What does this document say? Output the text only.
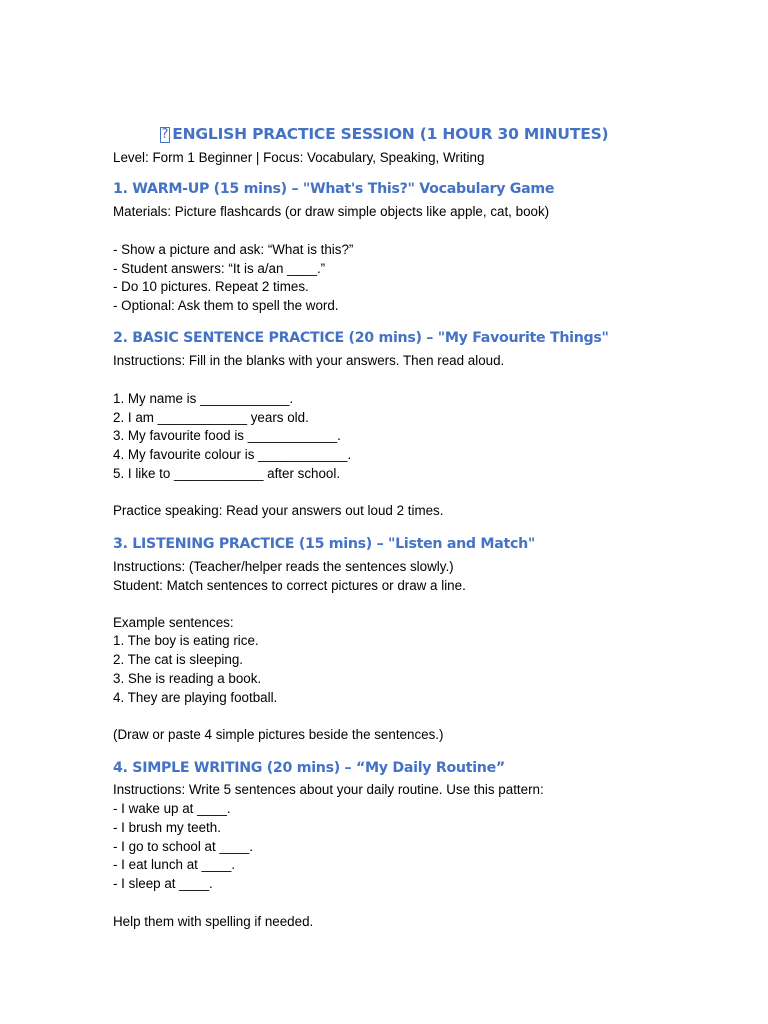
? ENGLISH PRACTICE SESSION (1 HOUR 30 MINUTES)
Level: Form 1 Beginner | Focus: Vocabulary, Speaking, Writing
1. WARM-UP (15 mins) – "What's This?" Vocabulary Game
Materials: Picture flashcards (or draw simple objects like apple, cat, book)
- Show a picture and ask: “What is this?”
- Student answers: “It is a/an ____.”
- Do 10 pictures. Repeat 2 times.
- Optional: Ask them to spell the word.
2. BASIC SENTENCE PRACTICE (20 mins) – "My Favourite Things"
Instructions: Fill in the blanks with your answers. Then read aloud.
1. My name is ____________.
2. I am ____________ years old.
3. My favourite food is ____________.
4. My favourite colour is ____________.
5. I like to ____________ after school.
Practice speaking: Read your answers out loud 2 times.
3. LISTENING PRACTICE (15 mins) – "Listen and Match"
Instructions: (Teacher/helper reads the sentences slowly.)
Student: Match sentences to correct pictures or draw a line.
Example sentences:
1. The boy is eating rice.
2. The cat is sleeping.
3. She is reading a book.
4. They are playing football.
(Draw or paste 4 simple pictures beside the sentences.)
4. SIMPLE WRITING (20 mins) – “My Daily Routine”
Instructions: Write 5 sentences about your daily routine. Use this pattern:
- I wake up at ____.
- I brush my teeth.
- I go to school at ____.
- I eat lunch at ____.
- I sleep at ____.
Help them with spelling if needed.
